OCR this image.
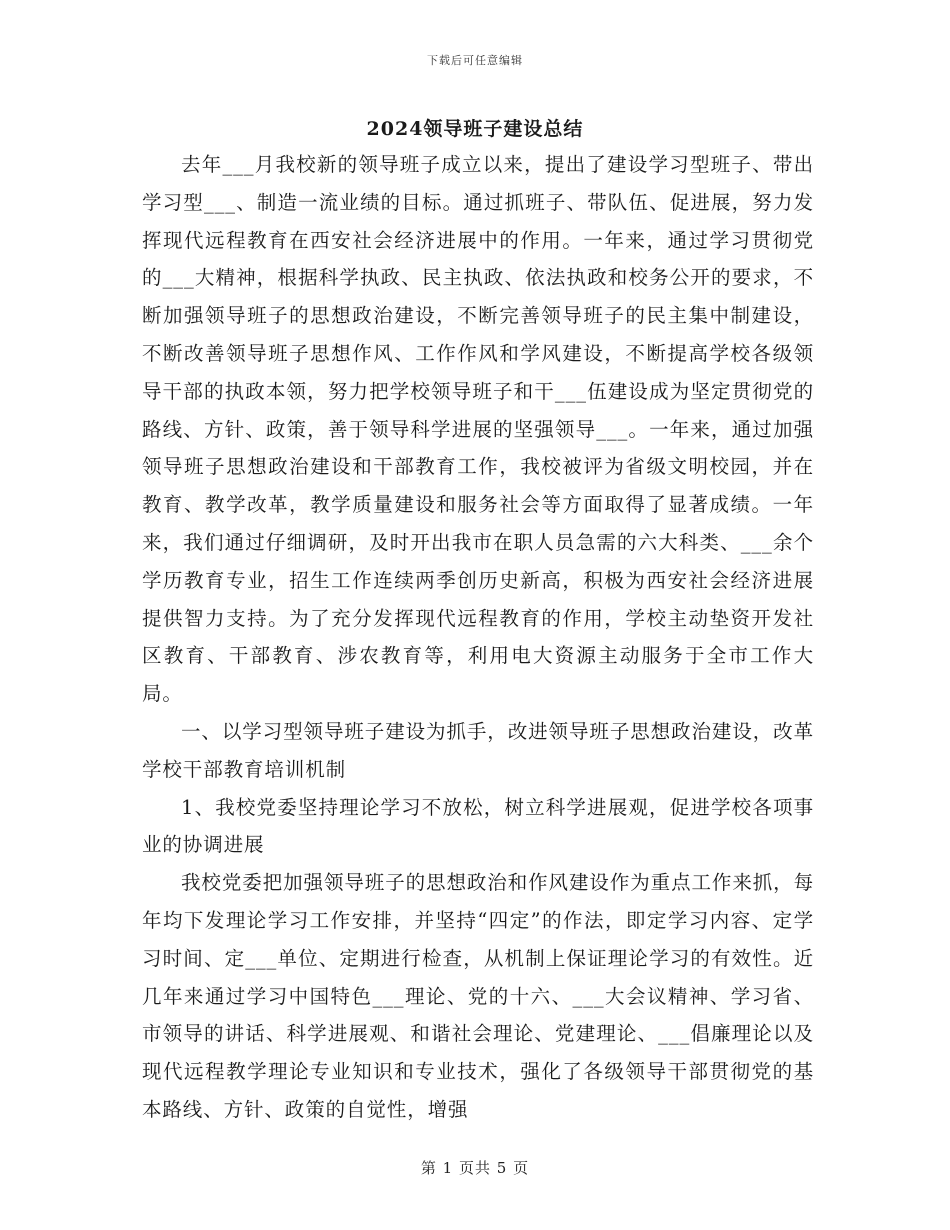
下载后可任意编辑
2024领导班子建设总结

去年___月我校新的领导班子成立以来，提出了建设学习型班子、带出学习型___、制造一流业绩的目标。通过抓班子、带队伍、促进展，努力发挥现代远程教育在西安社会经济进展中的作用。一年来，通过学习贯彻党的___大精神，根据科学执政、民主执政、依法执政和校务公开的要求，不断加强领导班子的思想政治建设，不断完善领导班子的民主集中制建设，不断改善领导班子思想作风、工作作风和学风建设，不断提高学校各级领导干部的执政本领，努力把学校领导班子和干___伍建设成为坚定贯彻党的路线、方针、政策，善于领导科学进展的坚强领导___。一年来，通过加强领导班子思想政治建设和干部教育工作，我校被评为省级文明校园，并在教育、教学改革，教学质量建设和服务社会等方面取得了显著成绩。一年来，我们通过仔细调研，及时开出我市在职人员急需的六大科类、___余个学历教育专业，招生工作连续两季创历史新高，积极为西安社会经济进展提供智力支持。为了充分发挥现代远程教育的作用，学校主动垫资开发社区教育、干部教育、涉农教育等，利用电大资源主动服务于全市工作大局。

一、以学习型领导班子建设为抓手，改进领导班子思想政治建设，改革学校干部教育培训机制

1、我校党委坚持理论学习不放松，树立科学进展观，促进学校各项事业的协调进展

我校党委把加强领导班子的思想政治和作风建设作为重点工作来抓，每年均下发理论学习工作安排，并坚持“四定”的作法，即定学习内容、定学习时间、定___单位、定期进行检查，从机制上保证理论学习的有效性。近几年来通过学习中国特色___理论、党的十六、___大会议精神、学习省、市领导的讲话、科学进展观、和谐社会理论、党建理论、___倡廉理论以及现代远程教学理论专业知识和专业技术，强化了各级领导干部贯彻党的基本路线、方针、政策的自觉性，增强

第 1 页共 5 页
